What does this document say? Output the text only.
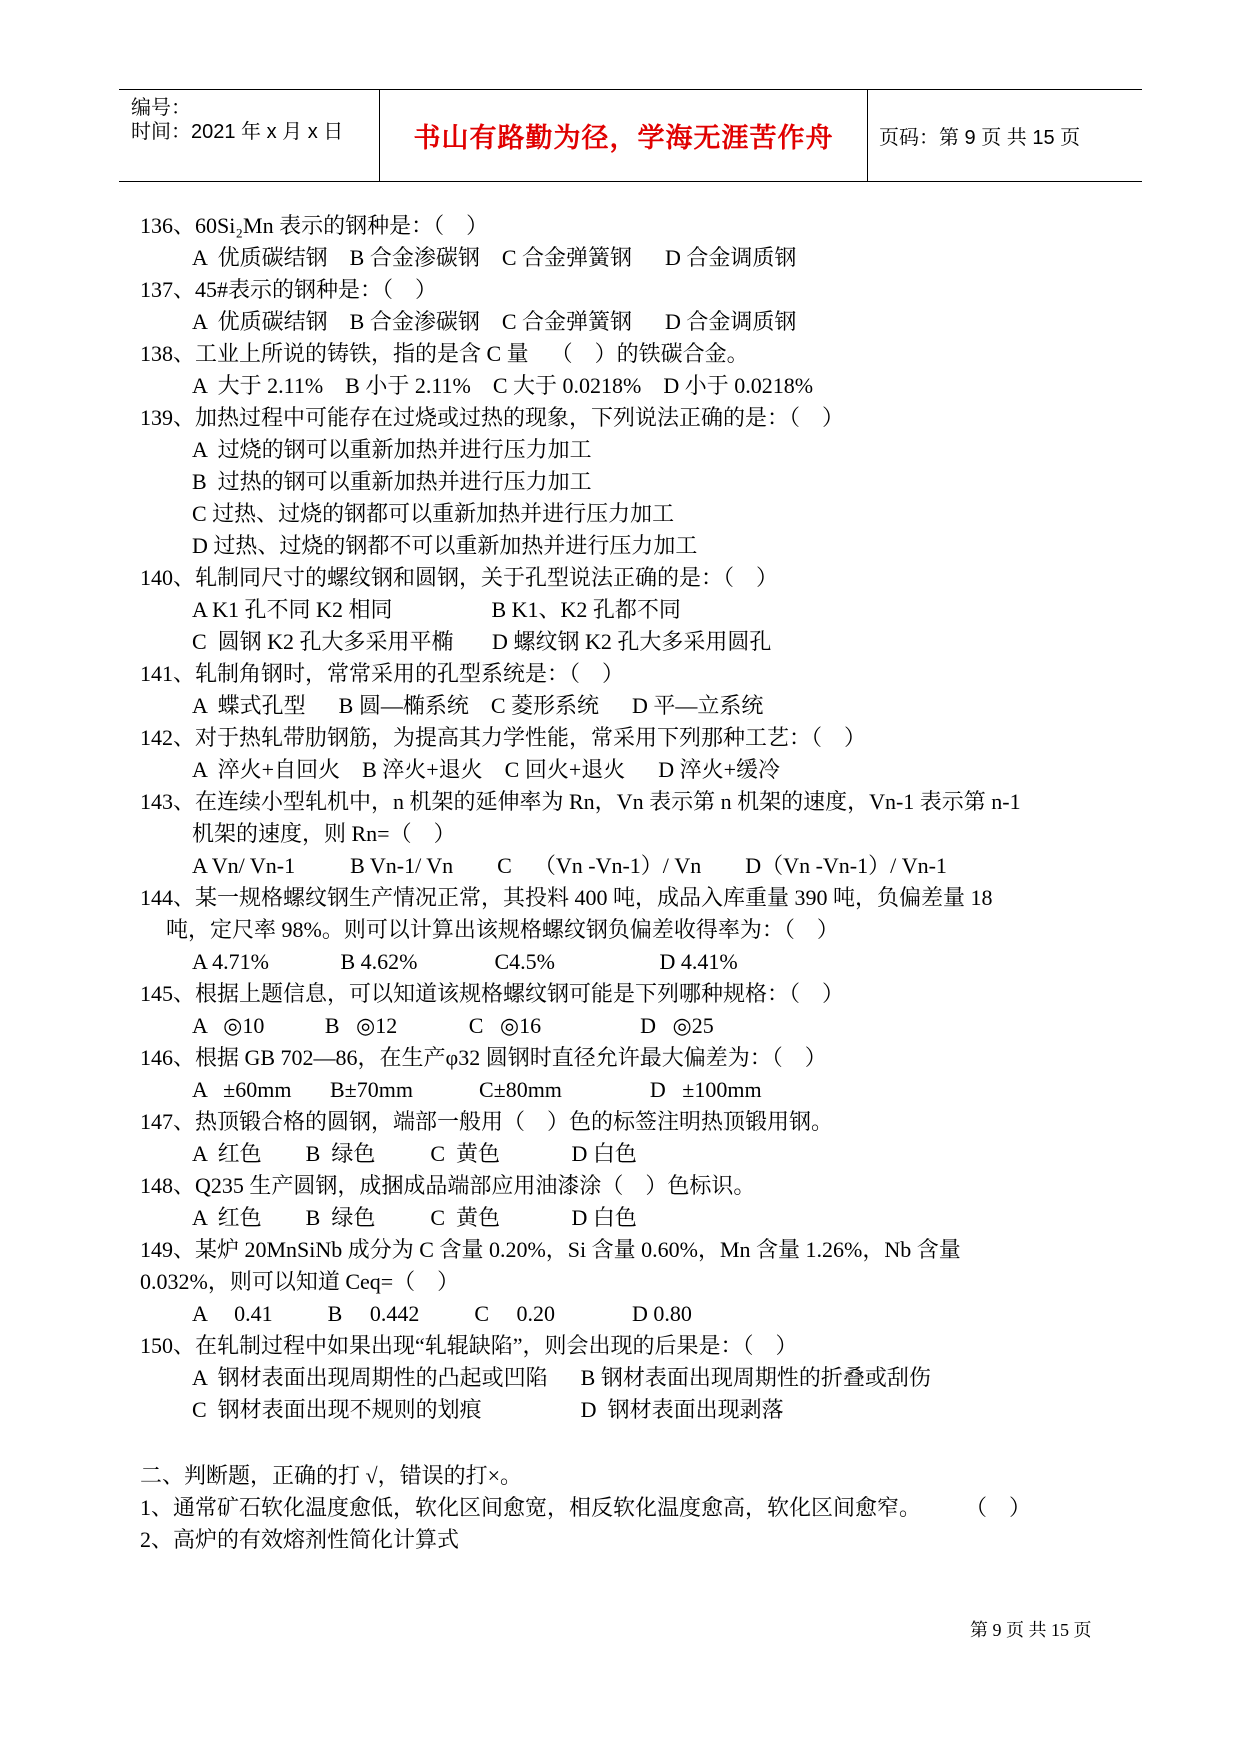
编号：
时间：2021 年 x 月 x 日	书山有路勤为径，学海无涯苦作舟 页码：第 9 页 共 15 页
136、60Si₂Mn 表示的钢种是：（    ）
A  优质碳结钢    B 合金渗碳钢    C 合金弹簧钢      D 合金调质钢
137、45#表示的钢种是：（    ）
A  优质碳结钢    B 合金渗碳钢    C 合金弹簧钢      D 合金调质钢
138、工业上所说的铸铁，指的是含 C 量    （    ）的铁碳合金。
A  大于 2.11%    B 小于 2.11%    C 大于 0.0218%    D 小于 0.0218%
139、加热过程中可能存在过烧或过热的现象，下列说法正确的是：（    ）
A  过烧的钢可以重新加热并进行压力加工
B  过热的钢可以重新加热并进行压力加工
C 过热、过烧的钢都可以重新加热并进行压力加工
D 过热、过烧的钢都不可以重新加热并进行压力加工
140、轧制同尺寸的螺纹钢和圆钢，关于孔型说法正确的是：（    ）
A K1 孔不同 K2 相同                  B K1、K2 孔都不同
C  圆钢 K2 孔大多采用平椭       D 螺纹钢 K2 孔大多采用圆孔
141、轧制角钢时，常常采用的孔型系统是：（    ）
A  蝶式孔型      B 圆—椭系统    C 菱形系统      D 平—立系统
142、对于热轧带肋钢筋，为提高其力学性能，常采用下列那种工艺：（    ）
A  淬火+自回火    B 淬火+退火    C 回火+退火      D 淬火+缓冷
143、在连续小型轧机中，n 机架的延伸率为 Rn，Vn 表示第 n 机架的速度，Vn-1 表示第 n-1
机架的速度，则 Rn=（    ）
A Vn/ Vn-1          B Vn-1/ Vn        C    （Vn -Vn-1）/ Vn        D（Vn -Vn-1）/ Vn-1
144、某一规格螺纹钢生产情况正常，其投料 400 吨，成品入库重量 390 吨，负偏差量 18
吨，定尺率 98%。则可以计算出该规格螺纹钢负偏差收得率为：（    ）
A 4.71%             B 4.62%              C4.5%                   D 4.41%
145、根据上题信息，可以知道该规格螺纹钢可能是下列哪种规格：（    ）
A   ◎10           B   ◎12             C   ◎16                  D   ◎25
146、根据 GB 702—86，在生产φ32 圆钢时直径允许最大偏差为：（    ）
A   ±60mm       B±70mm            C±80mm                D   ±100mm
147、热顶锻合格的圆钢，端部一般用（    ）色的标签注明热顶锻用钢。
A  红色        B  绿色          C  黄色             D 白色
148、Q235 生产圆钢，成捆成品端部应用油漆涂（    ）色标识。
A  红色        B  绿色          C  黄色             D 白色
149、某炉 20MnSiNb 成分为 C 含量 0.20%，Si 含量 0.60%，Mn 含量 1.26%，Nb 含量
0.032%，则可以知道 Ceq=（    ）
A     0.41          B     0.442          C     0.20              D 0.80
150、在轧制过程中如果出现“轧辊缺陷”，则会出现的后果是：（    ）
A  钢材表面出现周期性的凸起或凹陷      B 钢材表面出现周期性的折叠或刮伤
C  钢材表面出现不规则的划痕                  D  钢材表面出现剥落
二、判断题，正确的打 √，错误的打×。
1、通常矿石软化温度愈低，软化区间愈宽，相反软化温度愈高，软化区间愈窄。        （    ）
2、高炉的有效熔剂性简化计算式
第 9 页 共 15 页
